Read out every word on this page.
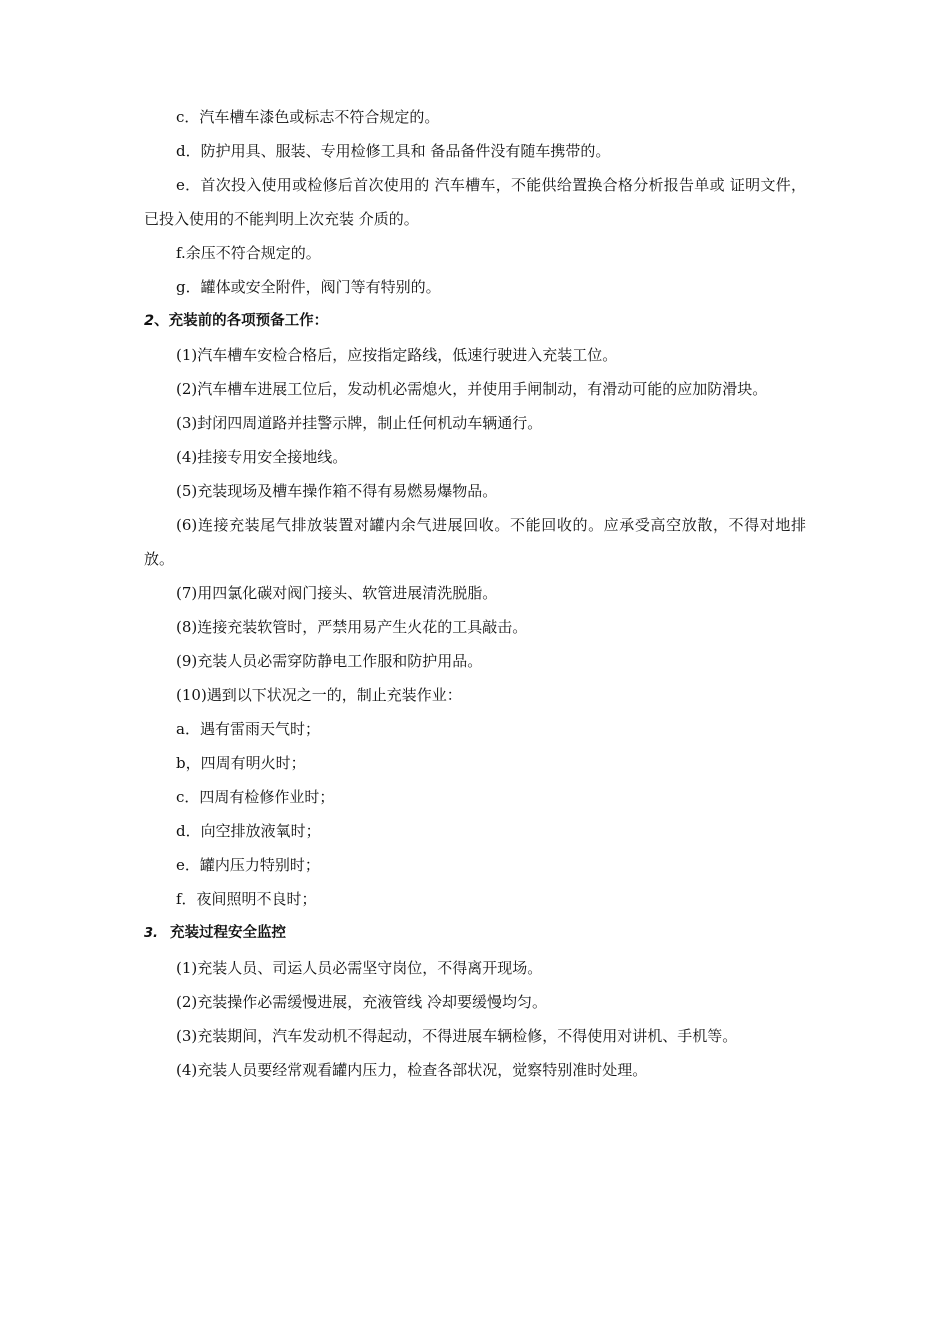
c．汽车槽车漆色或标志不符合规定的。
d．防护用具、服装、专用检修工具和 备品备件没有随车携带的。
e．首次投入使用或检修后首次使用的 汽车槽车，不能供给置换合格分析报告单或 证明文件，已投入使用的不能判明上次充装 介质的。
f.余压不符合规定的。
g．罐体或安全附件，阀门等有特别的。
2、充装前的各项预备工作：
(1)汽车槽车安检合格后，应按指定路线，低速行驶进入充装工位。
(2)汽车槽车进展工位后，发动机必需熄火，并使用手闸制动，有滑动可能的应加防滑块。
(3)封闭四周道路并挂警示牌，制止任何机动车辆通行。
(4)挂接专用安全接地线。
(5)充装现场及槽车操作箱不得有易燃易爆物品。
(6)连接充装尾气排放装置对罐内余气进展回收。不能回收的。应承受高空放散，不得对地排放。
(7)用四氯化碳对阀门接头、软管进展清洗脱脂。
(8)连接充装软管时，严禁用易产生火花的工具敲击。
(9)充装人员必需穿防静电工作服和防护用品。
(10)遇到以下状况之一的，制止充装作业：
a．遇有雷雨天气时；
b，四周有明火时；
c．四周有检修作业时；
d．向空排放液氧时；
e．罐内压力特别时；
f．夜间照明不良时；
3. 充装过程安全监控
(1)充装人员、司运人员必需坚守岗位，不得离开现场。
(2)充装操作必需缓慢进展，充液管线 冷却要缓慢均匀。
(3)充装期间，汽车发动机不得起动，不得进展车辆检修，不得使用对讲机、手机等。
(4)充装人员要经常观看罐内压力，检查各部状况，觉察特别准时处理。
